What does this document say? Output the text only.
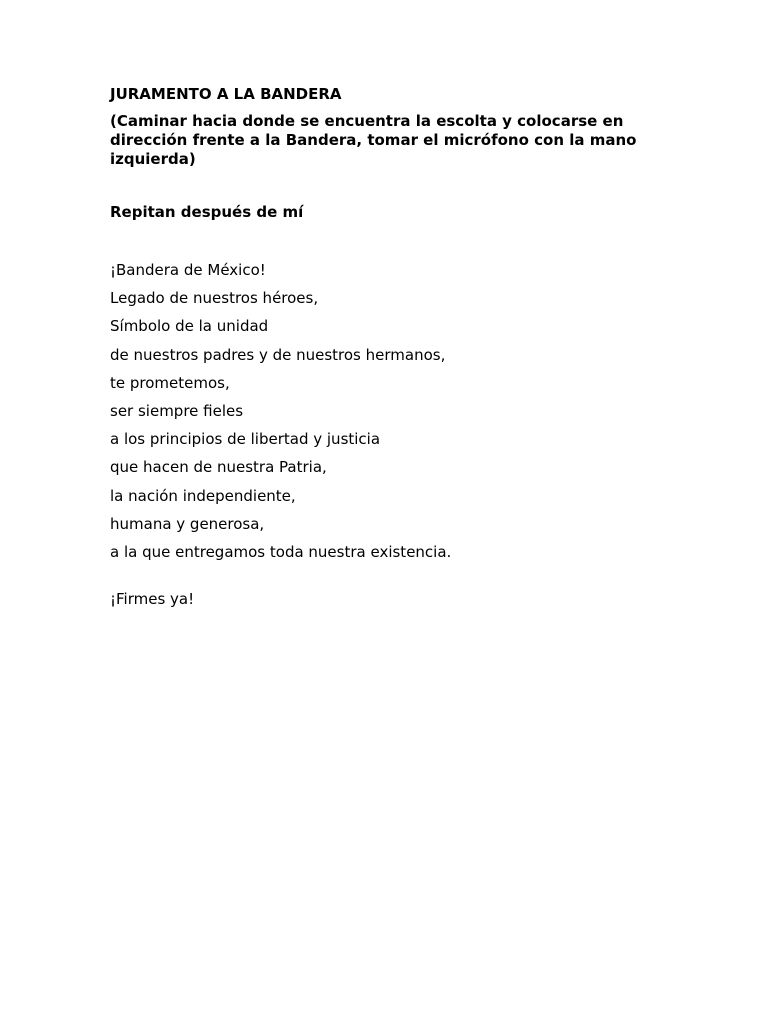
JURAMENTO A LA BANDERA

(Caminar hacia donde se encuentra la escolta y colocarse en dirección frente a la Bandera, tomar el micrófono con la mano izquierda)

Repitan después de mí

¡Bandera de México!
Legado de nuestros héroes,
Símbolo de la unidad
de nuestros padres y de nuestros hermanos,
te prometemos,
ser siempre fieles
a los principios de libertad y justicia
que hacen de nuestra Patria,
la nación independiente,
humana y generosa,
a la que entregamos toda nuestra existencia.

¡Firmes ya!
